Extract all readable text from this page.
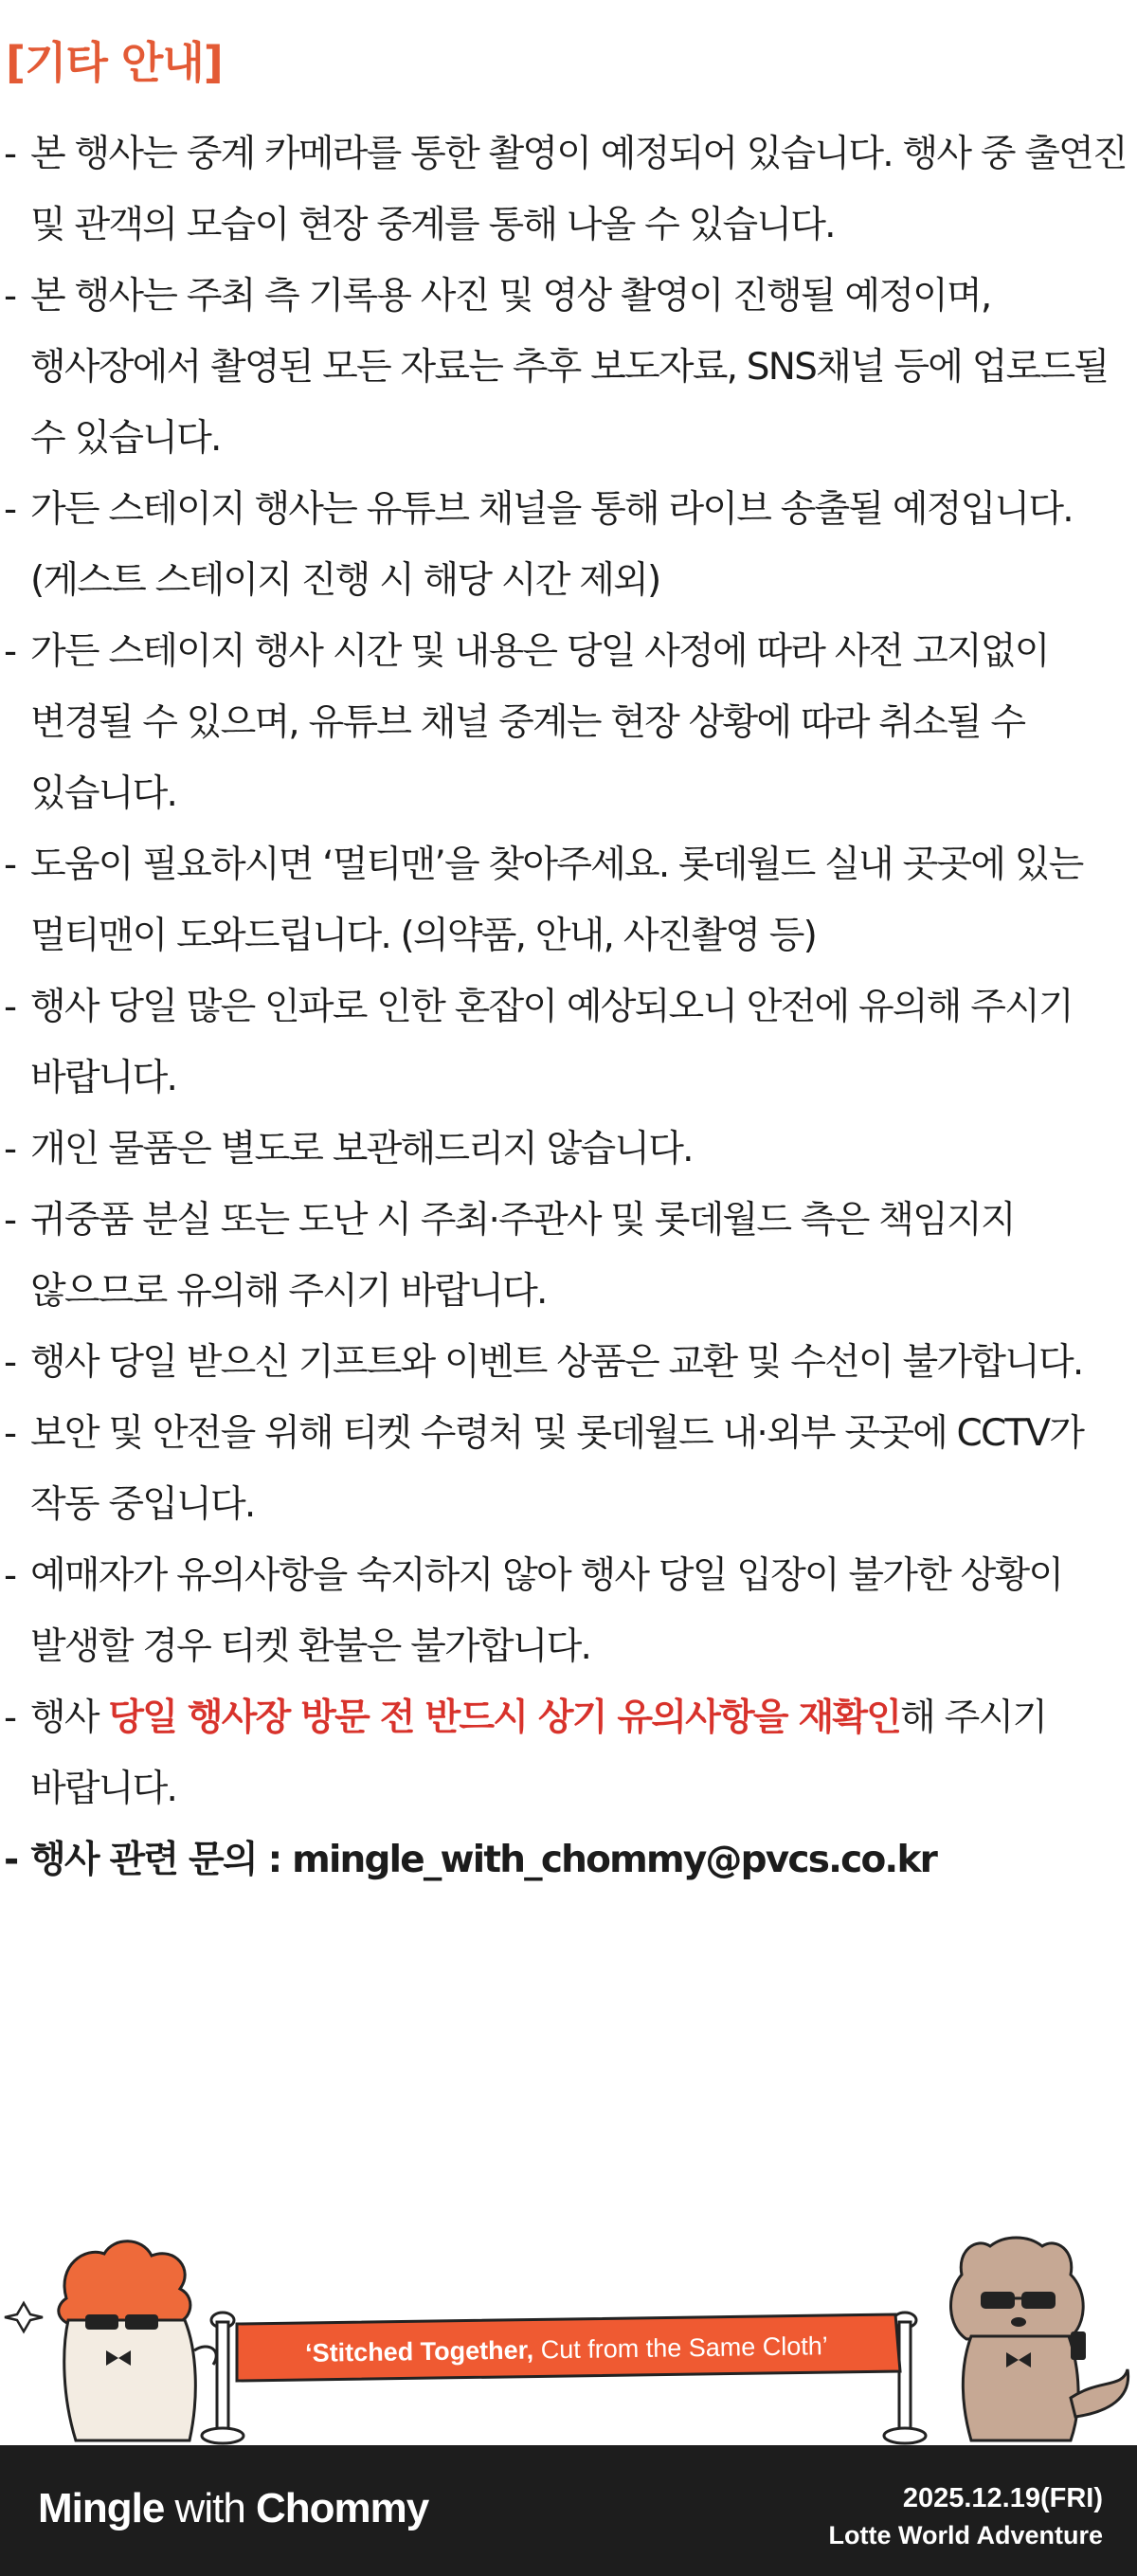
[기타 안내]
- 본 행사는 중계 카메라를 통한 촬영이 예정되어 있습니다. 행사 중 출연진 및 관객의 모습이 현장 중계를 통해 나올 수 있습니다.
- 본 행사는 주최 측 기록용 사진 및 영상 촬영이 진행될 예정이며, 행사장에서 촬영된 모든 자료는 추후 보도자료, SNS채널 등에 업로드될 수 있습니다.
- 가든 스테이지 행사는 유튜브 채널을 통해 라이브 송출될 예정입니다. (게스트 스테이지 진행 시 해당 시간 제외)
- 가든 스테이지 행사 시간 및 내용은 당일 사정에 따라 사전 고지없이 변경될 수 있으며, 유튜브 채널 중계는 현장 상황에 따라 취소될 수 있습니다.
- 도움이 필요하시면 ‘멀티맨’을 찾아주세요. 롯데월드 실내 곳곳에 있는 멀티맨이 도와드립니다. (의약품, 안내, 사진촬영 등)
- 행사 당일 많은 인파로 인한 혼잡이 예상되오니 안전에 유의해 주시기 바랍니다.
- 개인 물품은 별도로 보관해드리지 않습니다.
- 귀중품 분실 또는 도난 시 주최·주관사 및 롯데월드 측은 책임지지 않으므로 유의해 주시기 바랍니다.
- 행사 당일 받으신 기프트와 이벤트 상품은 교환 및 수선이 불가합니다.
- 보안 및 안전을 위해 티켓 수령처 및 롯데월드 내·외부 곳곳에 CCTV가 작동 중입니다.
- 예매자가 유의사항을 숙지하지 않아 행사 당일 입장이 불가한 상황이 발생할 경우 티켓 환불은 불가합니다.
- 행사 당일 행사장 방문 전 반드시 상기 유의사항을 재확인해 주시기 바랍니다.
- 행사 관련 문의 : mingle_with_chommy@pvcs.co.kr
‘Stitched Together, Cut from the Same Cloth’
Mingle with Chommy	2025.12.19(FRI)
Lotte World Adventure
